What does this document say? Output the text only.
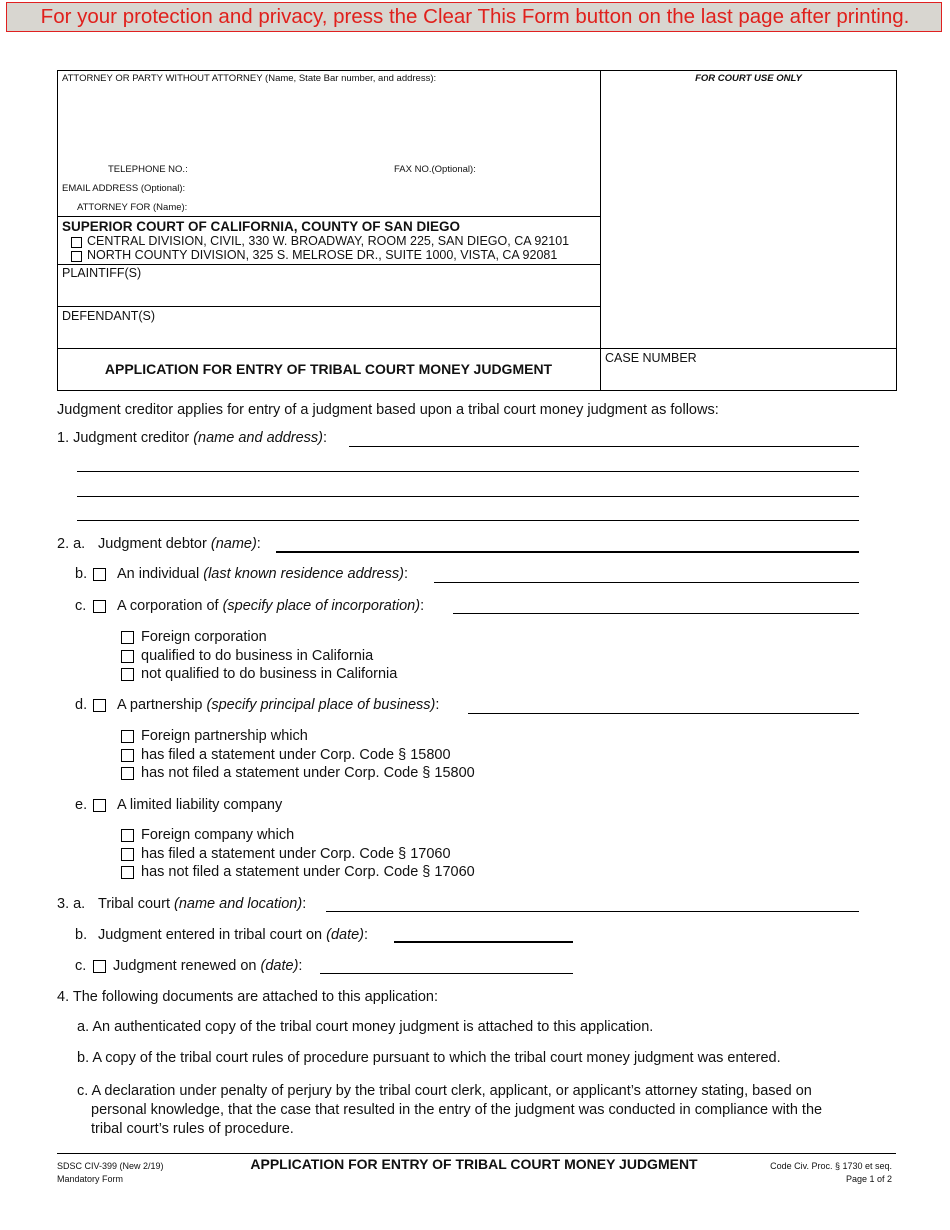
For your protection and privacy, press the Clear This Form button on the last page after printing.
ATTORNEY OR PARTY WITHOUT ATTORNEY (Name, State Bar number, and address):
TELEPHONE NO.:	FAX NO.(Optional):
EMAIL ADDRESS (Optional):
ATTORNEY FOR (Name):
FOR COURT USE ONLY
SUPERIOR COURT OF CALIFORNIA, COUNTY OF SAN DIEGO
CENTRAL DIVISION, CIVIL, 330 W. BROADWAY, ROOM 225, SAN DIEGO, CA 92101
NORTH COUNTY DIVISION, 325 S. MELROSE DR., SUITE 1000, VISTA, CA 92081
PLAINTIFF(S)
DEFENDANT(S)
APPLICATION FOR ENTRY OF TRIBAL COURT MONEY JUDGMENT
CASE NUMBER
Judgment creditor applies for entry of a judgment based upon a tribal court money judgment as follows:
1. Judgment creditor (name and address):
2. a. Judgment debtor (name):
b. An individual (last known residence address):
c. A corporation of (specify place of incorporation):
Foreign corporation
qualified to do business in California
not qualified to do business in California
d. A partnership (specify principal place of business):
Foreign partnership which
has filed a statement under Corp. Code § 15800
has not filed a statement under Corp. Code § 15800
e. A limited liability company
Foreign company which
has filed a statement under Corp. Code § 17060
has not filed a statement under Corp. Code § 17060
3. a. Tribal court (name and location):
b. Judgment entered in tribal court on (date):
c. Judgment renewed on (date):
4. The following documents are attached to this application:
a. An authenticated copy of the tribal court money judgment is attached to this application.
b. A copy of the tribal court rules of procedure pursuant to which the tribal court money judgment was entered.
c. A declaration under penalty of perjury by the tribal court clerk, applicant, or applicant’s attorney stating, based on
personal knowledge, that the case that resulted in the entry of the judgment was conducted in compliance with the
tribal court’s rules of procedure.
SDSC CIV-399 (New 2/19)
Mandatory Form
APPLICATION FOR ENTRY OF TRIBAL COURT MONEY JUDGMENT	Code Civ. Proc. § 1730 et seq.
Page 1 of 2
